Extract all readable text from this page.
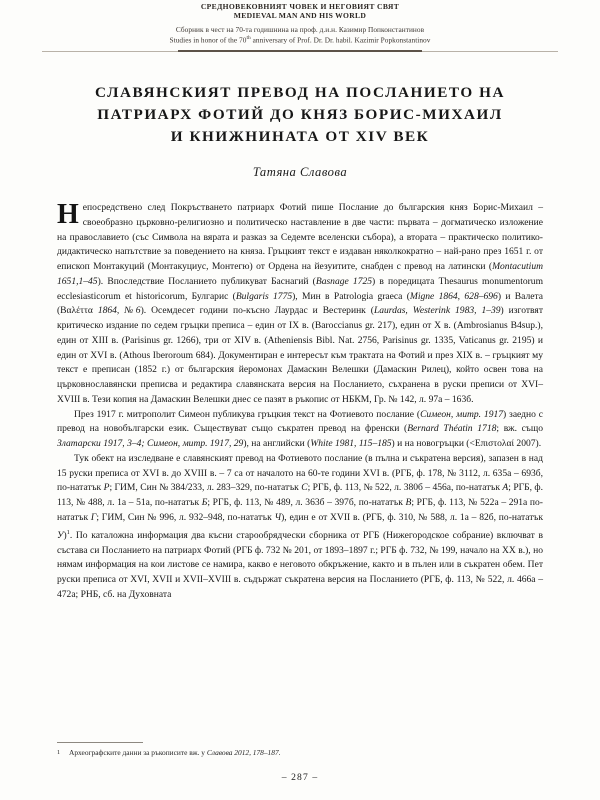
СРЕДНОВЕКОВНИЯТ ЧОВЕК И НЕГОВИЯТ СВЯТ
MEDIEVAL MAN AND HIS WORLD
Сборник в чест на 70-та годишнина на проф. д.и.н. Казимир Попконстантинов
Studies in honor of the 70th anniversary of Prof. Dr. Dr. habil. Kazimir Popkonstantinov
СЛАВЯНСКИЯТ ПРЕВОД НА ПОСЛАНИЕТО НА
ПАТРИАРХ ФОТИЙ ДО КНЯЗ БОРИС-МИХАИЛ
И КНИЖНИНАТА ОТ XIV ВЕК
Татяна Славова

Непосредствено след Покръстването патриарх Фотий пише Послание до българския княз Борис-Михаил – своеобразно църковно-религиозно и политическо наставление в две части: първата – догматическо изложение на православието (със Символа на вярата и разказ за Седемте вселенски събора), а втората – практическо политико-дидактическо напътствие за поведението на княза. Гръцкият текст е издаван няколкократно – най-рано през 1651 г. от епископ Монтакуций (Монтакуциус, Монтегю) от Ордена на йезуитите, снабден с превод на латински (Montacutium 1651,1–45). Впоследствие Посланието публикуват Баснагий (Basnage 1725) в поредицата Thesaurus monumentorum ecclesiasticorum et historicorum, Булгарис (Bulgaris 1775), Мин в Patrologia graeca (Migne 1864, 628–696) и Валета (Βαλέττα 1864, №6). Осемдесет години по-късно Лаурдас и Вестеринк (Laurdas, Westerink 1983, 1–39) изготвят критическо издание по седем гръцки преписа – един от IX в. (Baroccianus gr. 217), един от X в. (Ambrosianus B4sup.), един от XIII в. (Parisinus gr. 1266), три от XIV в. (Atheniensis Bibl. Nat. 2756, Parisinus gr. 1335, Vaticanus gr. 2195) и един от XVI в. (Athous Iberoroum 684). Документиран е интересът към трактата на Фотий и през XIX в. – гръцкият му текст е преписан (1852 г.) от българския йеромонах Дамаскин Велешки (Дамаскин Рилец), който освен това на църковнославянски преписва и редактира славянската версия на Посланието, съхранена в руски преписи от XVI–XVIII в. Тези копия на Дамаскин Велешки днес се пазят в ръкопис от НБКМ, Гр. № 142, л. 97а – 163б.

През 1917 г. митрополит Симеон публикува гръцкия текст на Фотиевото послание (Симеон, митр. 1917) заедно с превод на новобългарски език. Съществуват също съкратен превод на френски (Bernard Théatin 1718; вж. също Златарски 1917, 3–4; Симеон, митр. 1917, 29), на английски (White 1981, 115–185) и на новогръцки (<Επιστολαί 2007).

Тук обект на изследване е славянският превод на Фотиевото послание (в пълна и съкратена версия), запазен в над 15 руски преписа от XVI в. до XVIII в. – 7 са от началото на 60-те години XVI в. (РГБ, ф. 178, № 3112, л. 635а – 693б, по-нататък Р; ГИМ, Син № 384/233, л. 283–329, по-нататък С; РГБ, ф. 113, № 522, л. 380б – 456а, по-нататък А; РГБ, ф. 113, № 488, л. 1а – 51а, по-нататък Б; РГБ, ф. 113, № 489, л. 363б – 397б, по-нататък В; РГБ, ф. 113, № 522а – 291а по-нататък Г; ГИМ, Син № 996, л. 932–948, по-нататък Ч), един е от XVII в. (РГБ, ф. 310, № 588, л. 1а – 82б, по-нататък У)$^1$. По каталожна информация два късни старообрядчески сборника от РГБ (Нижегородское собрание) включват в състава си Посланието на патриарх Фотий (РГБ ф. 732 № 201, от 1893–1897 г.; РГБ ф. 732, № 199, начало на XX в.), но нямам информация на кои листове се намира, какво е неговото обкръжение, както и в пълен или в съкратен обем. Пет руски преписа от XVI, XVII и XVII–XVIII в. съдържат съкратена версия на Посланието (РГБ, ф. 113, № 522, л. 466а – 472а; РНБ, сб. на Духовната

1	Археографските данни за ръкописите вж. у Славова 2012, 178–187.
– 287 –
